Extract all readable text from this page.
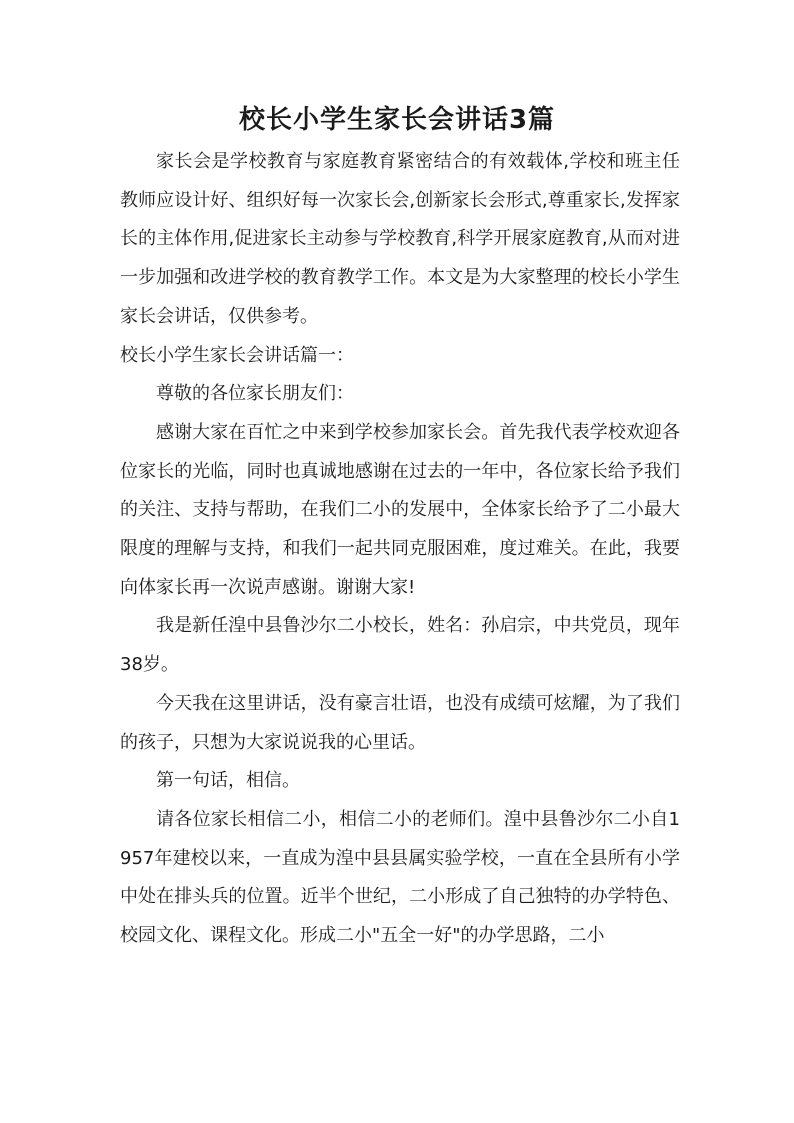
校长小学生家长会讲话3篇

家长会是学校教育与家庭教育紧密结合的有效载体,学校和班主任教师应设计好、组织好每一次家长会,创新家长会形式,尊重家长,发挥家长的主体作用,促进家长主动参与学校教育,科学开展家庭教育,从而对进一步加强和改进学校的教育教学工作。本文是为大家整理的校长小学生家长会讲话，仅供参考。

校长小学生家长会讲话篇一：

尊敬的各位家长朋友们：

感谢大家在百忙之中来到学校参加家长会。首先我代表学校欢迎各位家长的光临，同时也真诚地感谢在过去的一年中，各位家长给予我们的关注、支持与帮助，在我们二小的发展中，全体家长给予了二小最大限度的理解与支持，和我们一起共同克服困难，度过难关。在此，我要向体家长再一次说声感谢。谢谢大家!

我是新任湟中县鲁沙尔二小校长，姓名：孙启宗，中共党员，现年38岁。

今天我在这里讲话，没有豪言壮语，也没有成绩可炫耀，为了我们的孩子，只想为大家说说我的心里话。

第一句话，相信。

请各位家长相信二小，相信二小的老师们。湟中县鲁沙尔二小自1957年建校以来，一直成为湟中县县属实验学校，一直在全县所有小学中处在排头兵的位置。近半个世纪，二小形成了自己独特的办学特色、校园文化、课程文化。形成二小"五全一好"的办学思路，二小
